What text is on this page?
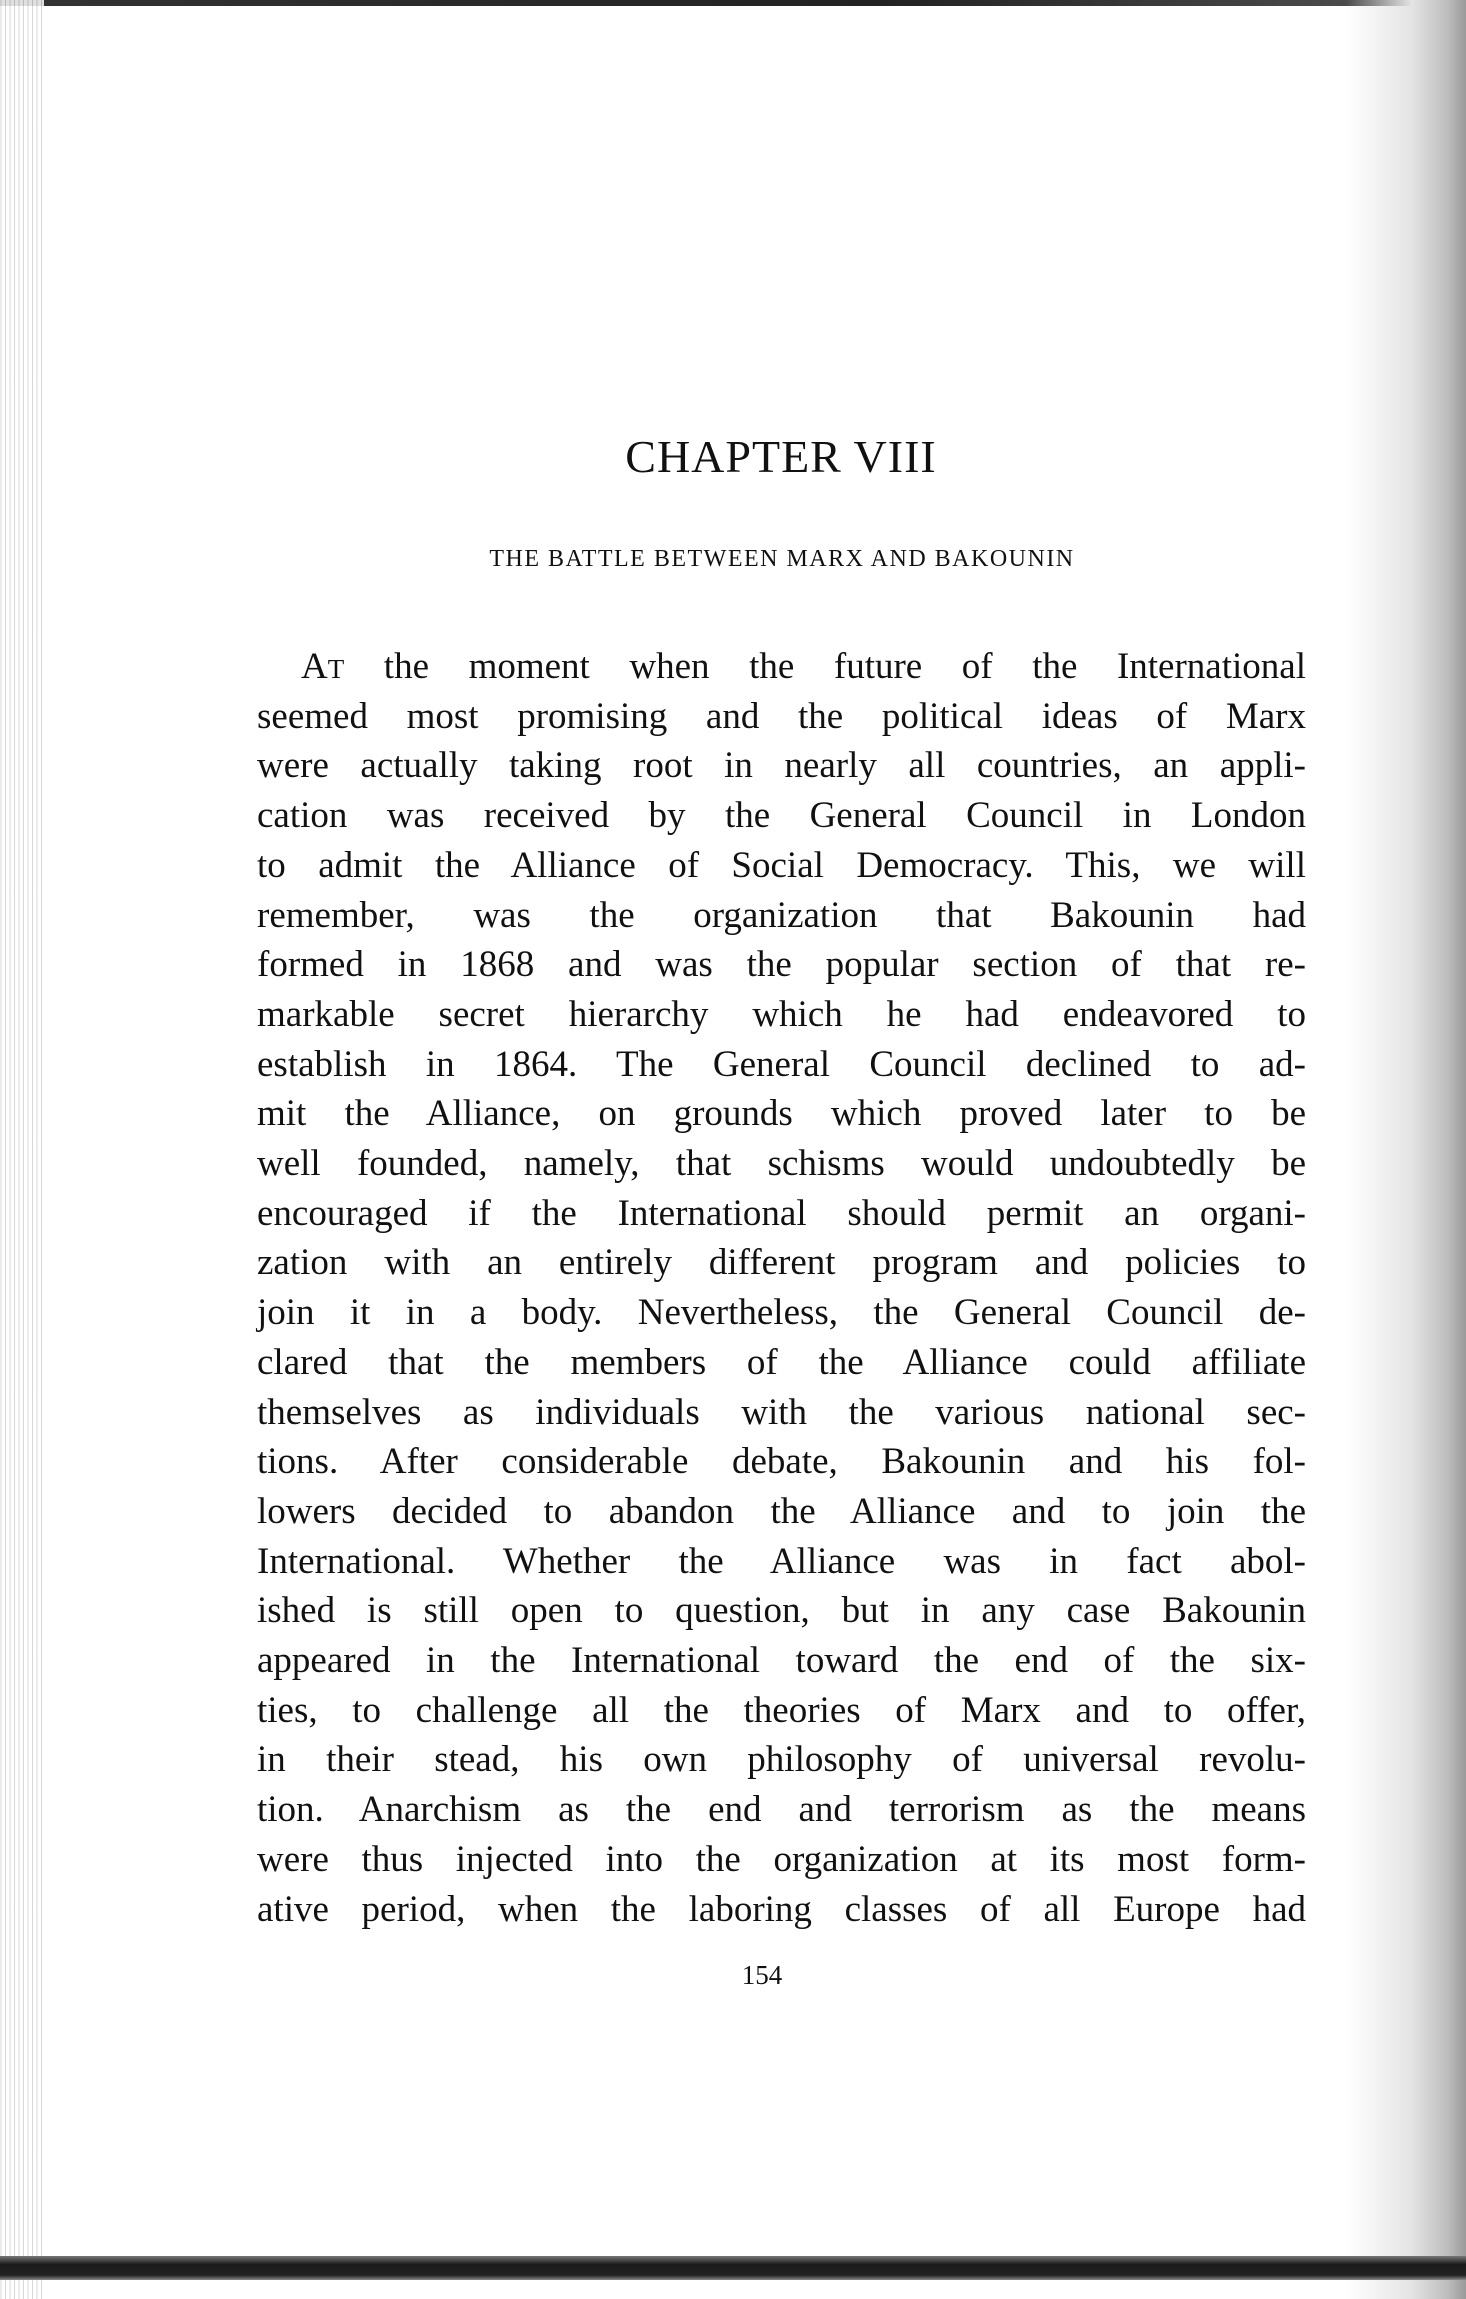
CHAPTER VIII
THE BATTLE BETWEEN MARX AND BAKOUNIN
AT the moment when the future of the International
seemed most promising and the political ideas of Marx
were actually taking root in nearly all countries, an appli-
cation was received by the General Council in London
to admit the Alliance of Social Democracy. This, we will
remember, was the organization that Bakounin had
formed in 1868 and was the popular section of that re-
markable secret hierarchy which he had endeavored to
establish in 1864. The General Council declined to ad-
mit the Alliance, on grounds which proved later to be
well founded, namely, that schisms would undoubtedly be
encouraged if the International should permit an organi-
zation with an entirely different program and policies to
join it in a body. Nevertheless, the General Council de-
clared that the members of the Alliance could affiliate
themselves as individuals with the various national sec-
tions. After considerable debate, Bakounin and his fol-
lowers decided to abandon the Alliance and to join the
International. Whether the Alliance was in fact abol-
ished is still open to question, but in any case Bakounin
appeared in the International toward the end of the six-
ties, to challenge all the theories of Marx and to offer,
in their stead, his own philosophy of universal revolu-
tion. Anarchism as the end and terrorism as the means
were thus injected into the organization at its most form-
ative period, when the laboring classes of all Europe had
154
